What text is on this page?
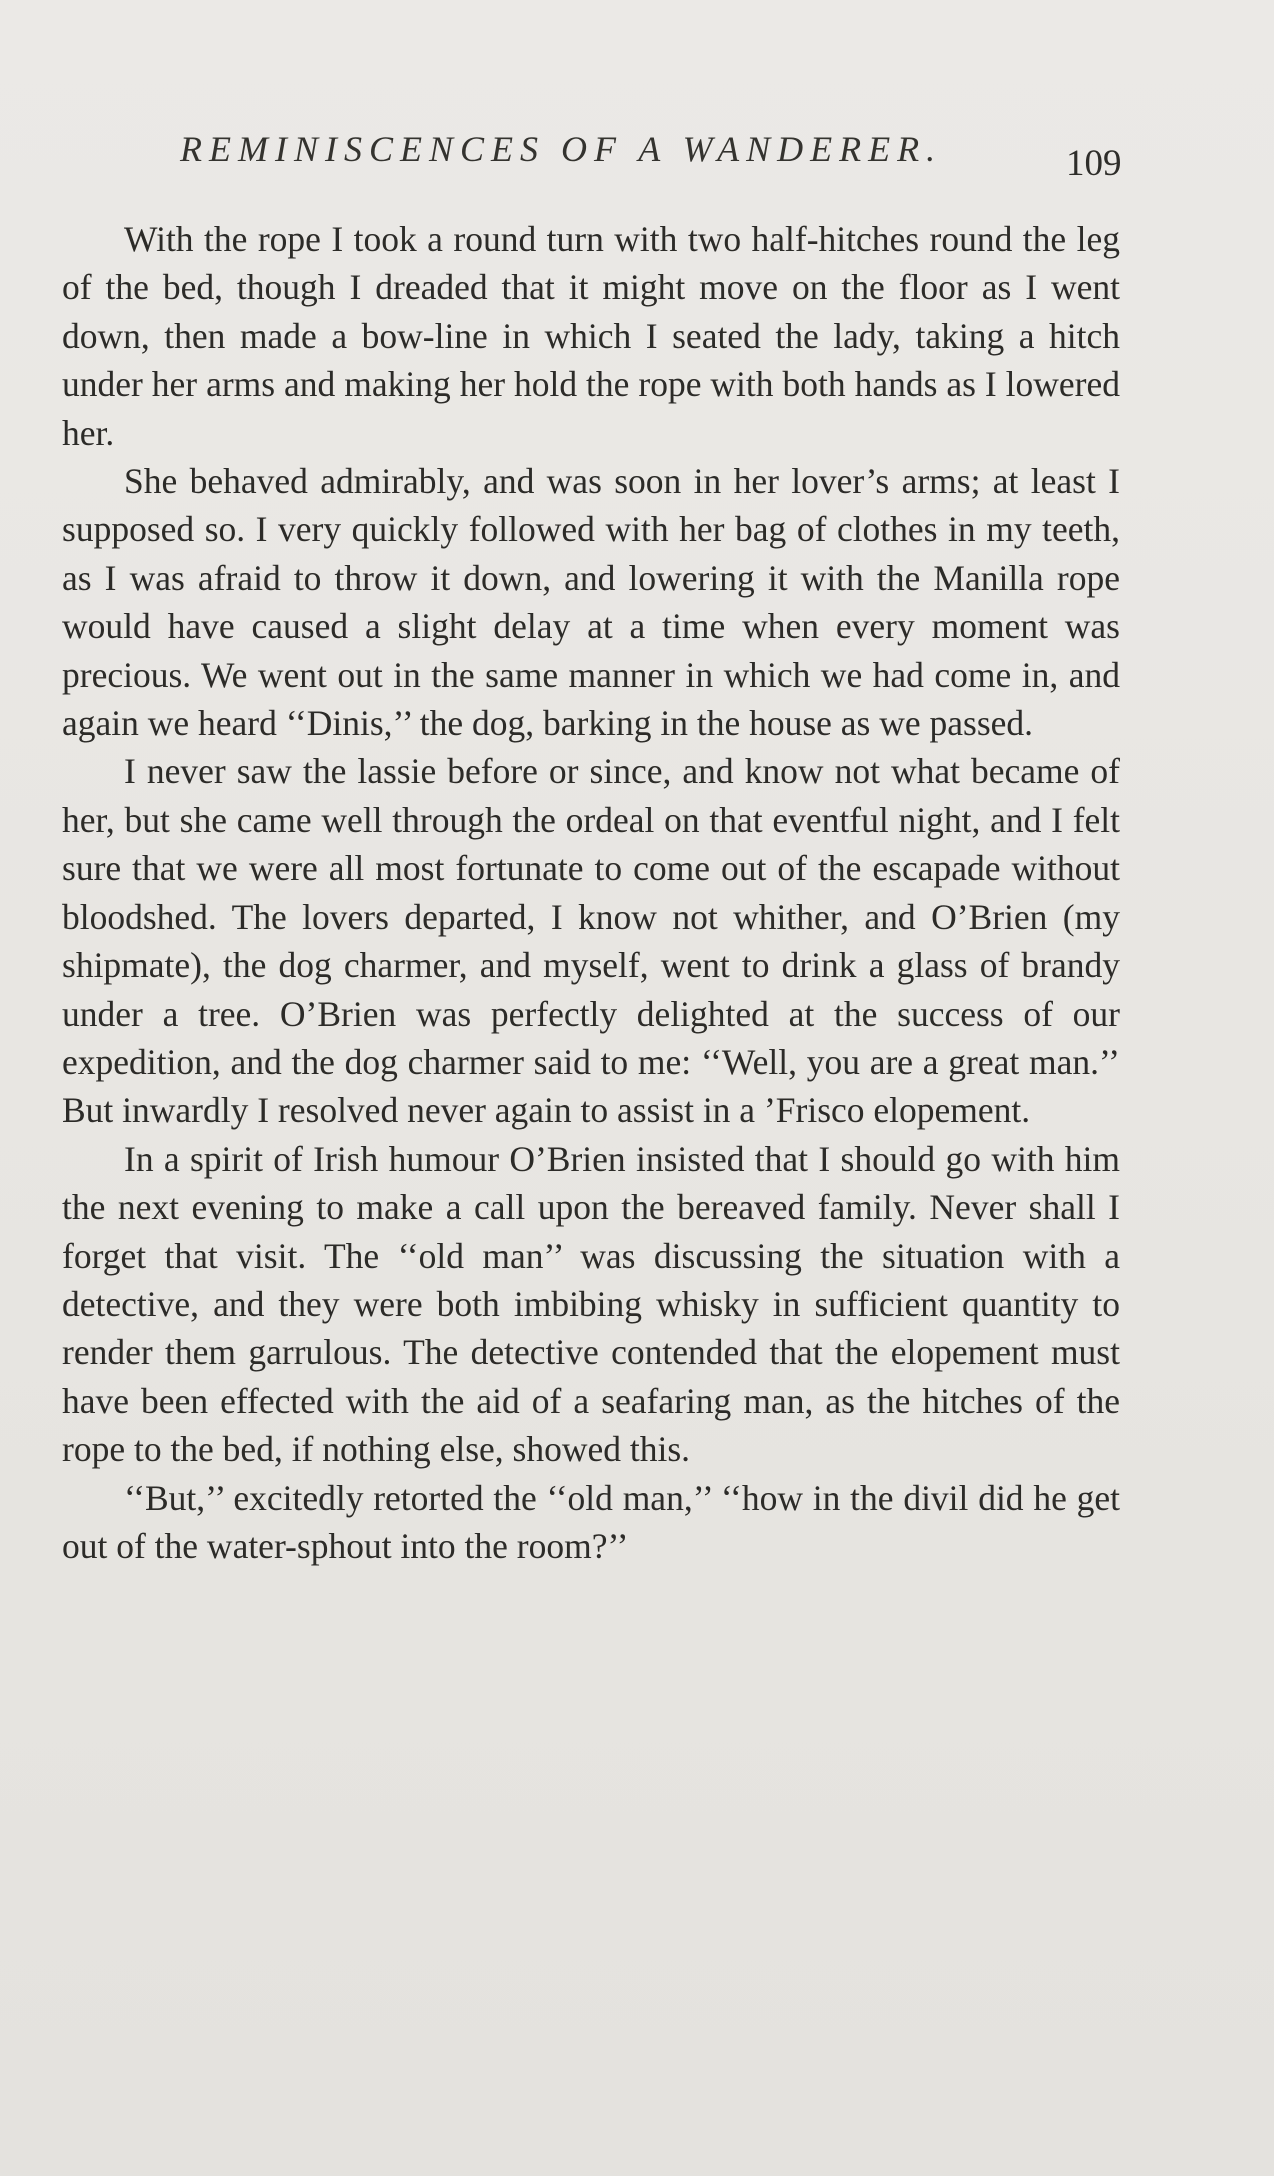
REMINISCENCES OF A WANDERER.	109

With the rope I took a round turn with two half-hitches round the leg of the bed, though I dreaded that it might move on the floor as I went down, then made a bow-line in which I seated the lady, taking a hitch under her arms and making her hold the rope with both hands as I lowered her.

She behaved admirably, and was soon in her lover’s arms; at least I supposed so. I very quickly followed with her bag of clothes in my teeth, as I was afraid to throw it down, and lowering it with the Manilla rope would have caused a slight delay at a time when every moment was precious. We went out in the same manner in which we had come in, and again we heard ‘‘Dinis,’’ the dog, barking in the house as we passed.

I never saw the lassie before or since, and know not what became of her, but she came well through the ordeal on that eventful night, and I felt sure that we were all most fortunate to come out of the escapade without bloodshed. The lovers departed, I know not whither, and O’Brien (my shipmate), the dog charmer, and myself, went to drink a glass of brandy under a tree. O’Brien was perfectly delighted at the success of our expedition, and the dog charmer said to me: ‘‘Well, you are a great man.’’ But inwardly I resolved never again to assist in a ’Frisco elopement.

In a spirit of Irish humour O’Brien insisted that I should go with him the next evening to make a call upon the bereaved family. Never shall I forget that visit. The ‘‘old man’’ was discussing the situation with a detective, and they were both imbibing whisky in sufficient quantity to render them garrulous. The detective contended that the elopement must have been effected with the aid of a seafaring man, as the hitches of the rope to the bed, if nothing else, showed this.

‘‘But,’’ excitedly retorted the ‘‘old man,’’ ‘‘how in the divil did he get out of the water-sphout into the room?’’
